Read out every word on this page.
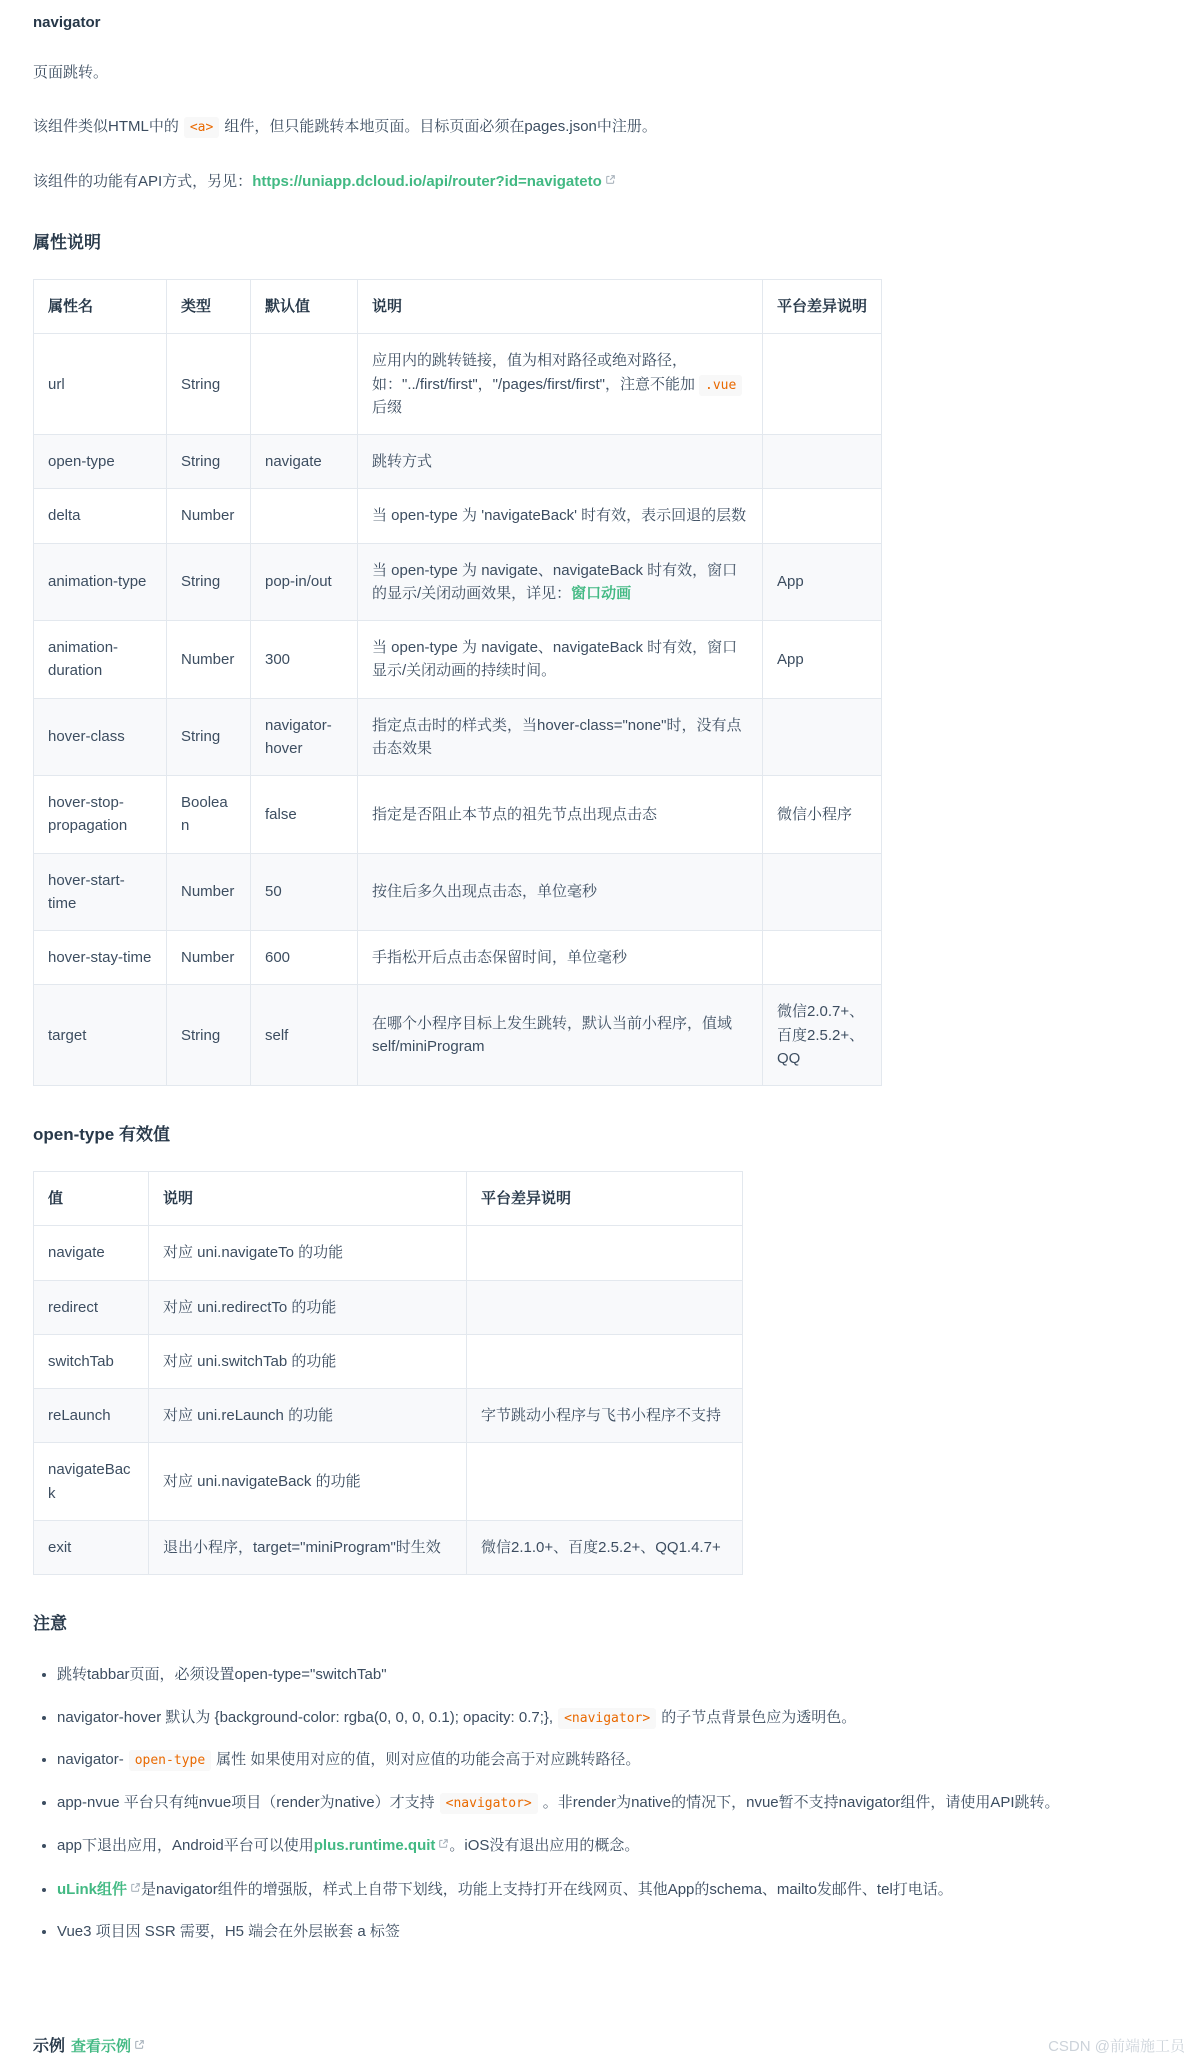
navigator

页面跳转。

该组件类似HTML中的 <a> 组件，但只能跳转本地页面。目标页面必须在pages.json中注册。

该组件的功能有API方式，另见：https://uniapp.dcloud.io/api/router?id=navigateto

属性说明
属性名	类型	默认值	说明	平台差异说明
url	String		应用内的跳转链接，值为相对路径或绝对路径，如："../first/first"，"/pages/first/first"，注意不能加 .vue后缀	
open-type	String	navigate	跳转方式	
delta	Number		当 open-type 为 'navigateBack' 时有效，表示回退的层数	
animation-type	String	pop-in/out	当 open-type 为 navigate、navigateBack 时有效，窗口的显示/关闭动画效果，详见：窗口动画	App
animation-duration	Number	300	当 open-type 为 navigate、navigateBack 时有效，窗口显示/关闭动画的持续时间。	App
hover-class	String	navigator-hover	指定点击时的样式类，当hover-class="none"时，没有点击态效果	
hover-stop-propagation	Boolean	false	指定是否阻止本节点的祖先节点出现点击态	微信小程序
hover-start-time	Number	50	按住后多久出现点击态，单位毫秒	
hover-stay-time	Number	600	手指松开后点击态保留时间，单位毫秒	
target	String	self	在哪个小程序目标上发生跳转，默认当前小程序，值域 self/miniProgram	微信2.0.7+、百度2.5.2+、QQ
open-type 有效值
值	说明	平台差异说明
navigate	对应 uni.navigateTo 的功能	
redirect	对应 uni.redirectTo 的功能	
switchTab	对应 uni.switchTab 的功能	
reLaunch	对应 uni.reLaunch 的功能	字节跳动小程序与飞书小程序不支持
navigateBack	对应 uni.navigateBack 的功能	
exit	退出小程序，target="miniProgram"时生效	微信2.1.0+、百度2.5.2+、QQ1.4.7+
注意
• 跳转tabbar页面，必须设置open-type="switchTab"
• navigator-hover 默认为 {background-color: rgba(0, 0, 0, 0.1); opacity: 0.7;}, <navigator> 的子节点背景色应为透明色。
• navigator- open-type 属性 如果使用对应的值，则对应值的功能会高于对应跳转路径。
• app-nvue 平台只有纯nvue项目（render为native）才支持 <navigator> 。非render为native的情况下，nvue暂不支持navigator组件，请使用API跳转。
• app下退出应用，Android平台可以使用plus.runtime.quit 。iOS没有退出应用的概念。
• uLink组件 是navigator组件的增强版，样式上自带下划线，功能上支持打开在线网页、其他App的schema、mailto发邮件、tel打电话。
• Vue3 项目因 SSR 需要，H5 端会在外层嵌套 a 标签
示例 查看示例	CSDN @前端施工员
